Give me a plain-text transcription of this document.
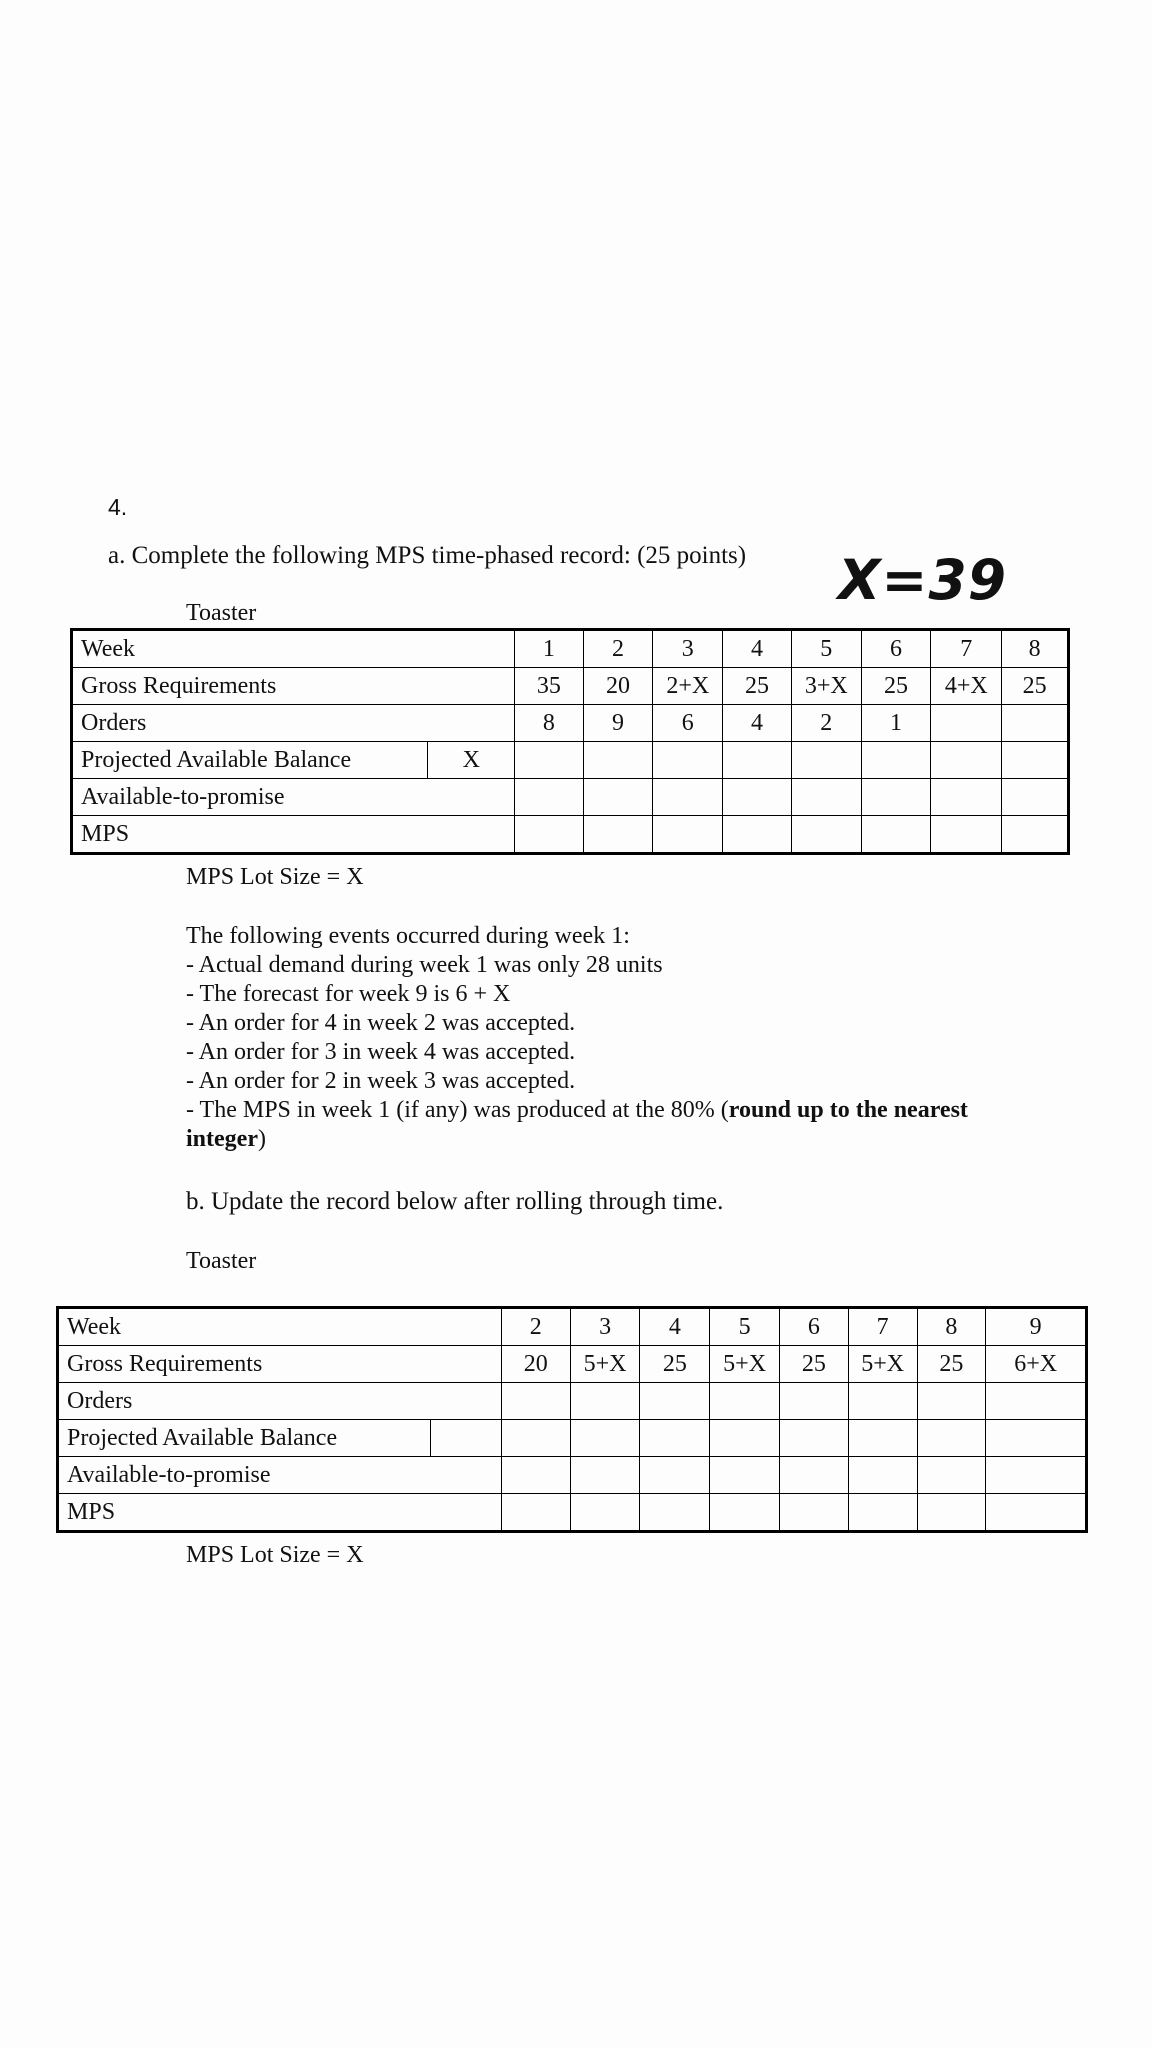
4.
a. Complete the following MPS time-phased record: (25 points) X=39
Toaster
Week		1	2	3	4	5	6	7	8
Gross Requirements		35	20	2+X	25	3+X	25	4+X	25
Orders		8	9	6	4	2	1		
Projected Available Balance	X								
Available-to-promise									
MPS									
MPS Lot Size = X
The following events occurred during week 1:
- Actual demand during week 1 was only 28 units
- The forecast for week 9 is 6 + X
- An order for 4 in week 2 was accepted.
- An order for 3 in week 4 was accepted.
- An order for 2 in week 3 was accepted.
- The MPS in week 1 (if any) was produced at the 80% (round up to the nearest
integer)
b. Update the record below after rolling through time.
Toaster
Week		2	3	4	5	6	7	8	9
Gross Requirements		20	5+X	25	5+X	25	5+X	25	6+X
Orders									
Projected Available Balance									
Available-to-promise									
MPS									
MPS Lot Size = X
